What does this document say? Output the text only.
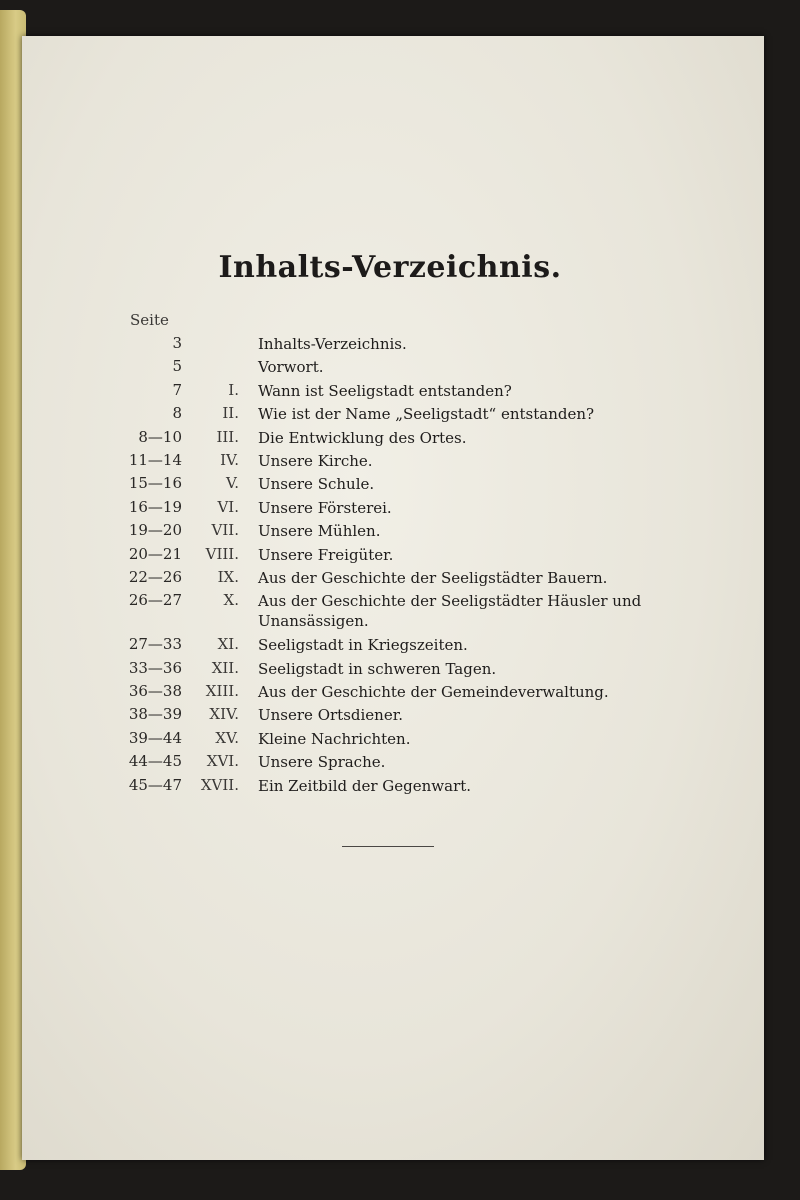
Inhalts-Verzeichnis.
Seite
3	Inhalts-Verzeichnis.
5	Vorwort.
7	I. Wann ist Seeligstadt entstanden?
8	II. Wie ist der Name „Seeligstadt“ entstanden?
8—10 III. Die Entwicklung des Ortes.
11—14	IV. Unsere Kirche.
15—16	V. Unsere Schule.
16—19 VI. Unsere Försterei.
19—20 VII. Unsere Mühlen.
20—21 VIII. Unsere Freigüter.
22—26 IX. Aus der Geschichte der Seeligstädter Bauern.
26—27	X. Aus der Geschichte der Seeligstädter Häusler und Unansässigen.
27—33 XI. Seeligstadt in Kriegszeiten.
33—36 XII. Seeligstadt in schweren Tagen.
36—38 XIII. Aus der Geschichte der Gemeindeverwaltung.
38—39 XIV. Unsere Ortsdiener.
39—44 XV. Kleine Nachrichten.
44—45 XVI. Unsere Sprache.
45—47 XVII. Ein Zeitbild der Gegenwart.
